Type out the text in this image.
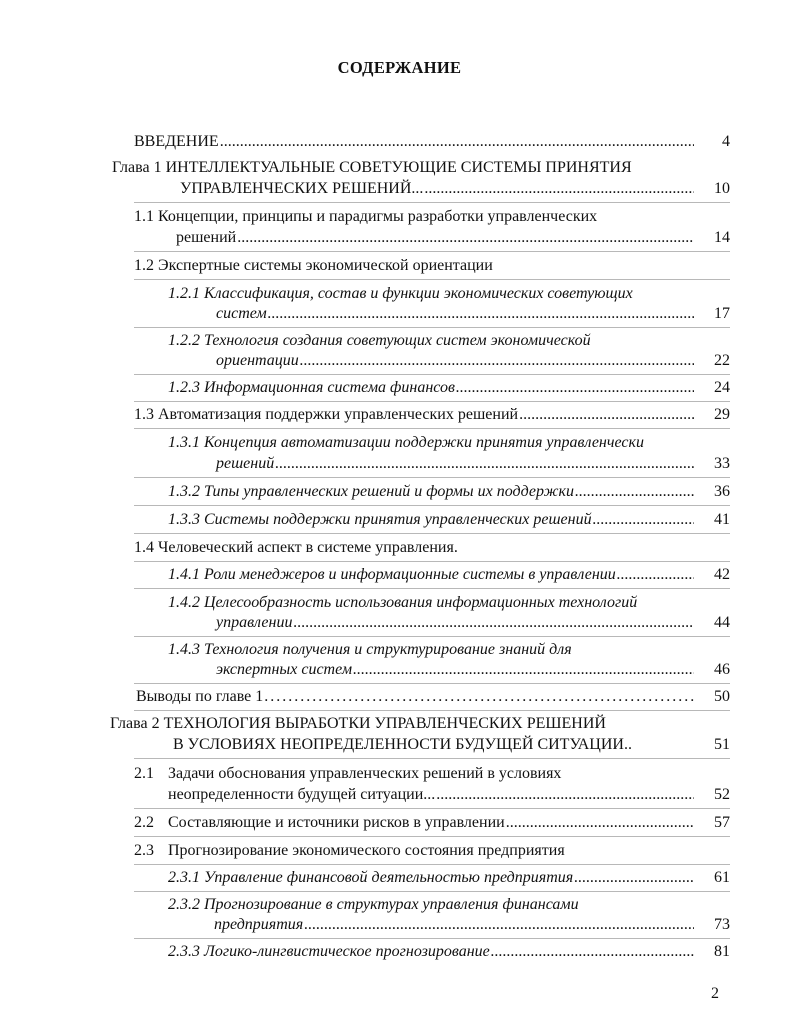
СОДЕРЖАНИЕ
ВВЕДЕНИЕ .....	4
Глава 1 ИНТЕЛЛЕКТУАЛЬНЫЕ СОВЕТУЮЩИЕ СИСТЕМЫ ПРИНЯТИЯ
УПРАВЛЕНЧЕСКИХ РЕШЕНИЙ... .....	10
1.1 Концепции, принципы и парадигмы разработки управленческих
решений .....	14
1.2 Экспертные системы экономической ориентации
1.2.1 Классификация, состав и функции экономических советующих
систем .....	17
1.2.2 Технология создания советующих систем экономической
ориентации .....	22
1.2.3 Информационная система финансов .....	24
1.3 Автоматизация поддержки управленческих решений .....	29
1.3.1 Концепция автоматизации поддержки принятия управленчески
решений .....	33
1.3.2 Типы управленческих решений и формы их поддержки .....	36
1.3.3 Системы поддержки принятия управленческих решений .....	41
1.4 Человеческий аспект в системе управления.
1.4.1 Роли менеджеров и информационные системы в управлении .....	42
1.4.2 Целесообразность использования информационных технологий
управлении .....	44
1.4.3 Технология получения и структурирование знаний для
экспертных систем .....	46
Выводы по главе 1 . . .	50
Глава 2 ТЕХНОЛОГИЯ ВЫРАБОТКИ УПРАВЛЕНЧЕСКИХ РЕШЕНИЙ
В УСЛОВИЯХ НЕОПРЕДЕЛЕННОСТИ БУДУЩЕЙ СИТУАЦИИ..	51
2.1 Задачи обоснования управленческих решений в условиях
неопределенности будущей ситуации... .....	52
2.2 Составляющие и источники рисков в управлении .....	57
2.3 Прогнозирование экономического состояния предприятия
2.3.1 Управление финансовой деятельностью предприятия .....	61
2.3.2 Прогнозирование в структурах управления финансами
предприятия .....	73
2.3.3 Логико-лингвистическое прогнозирование .....	81
2
